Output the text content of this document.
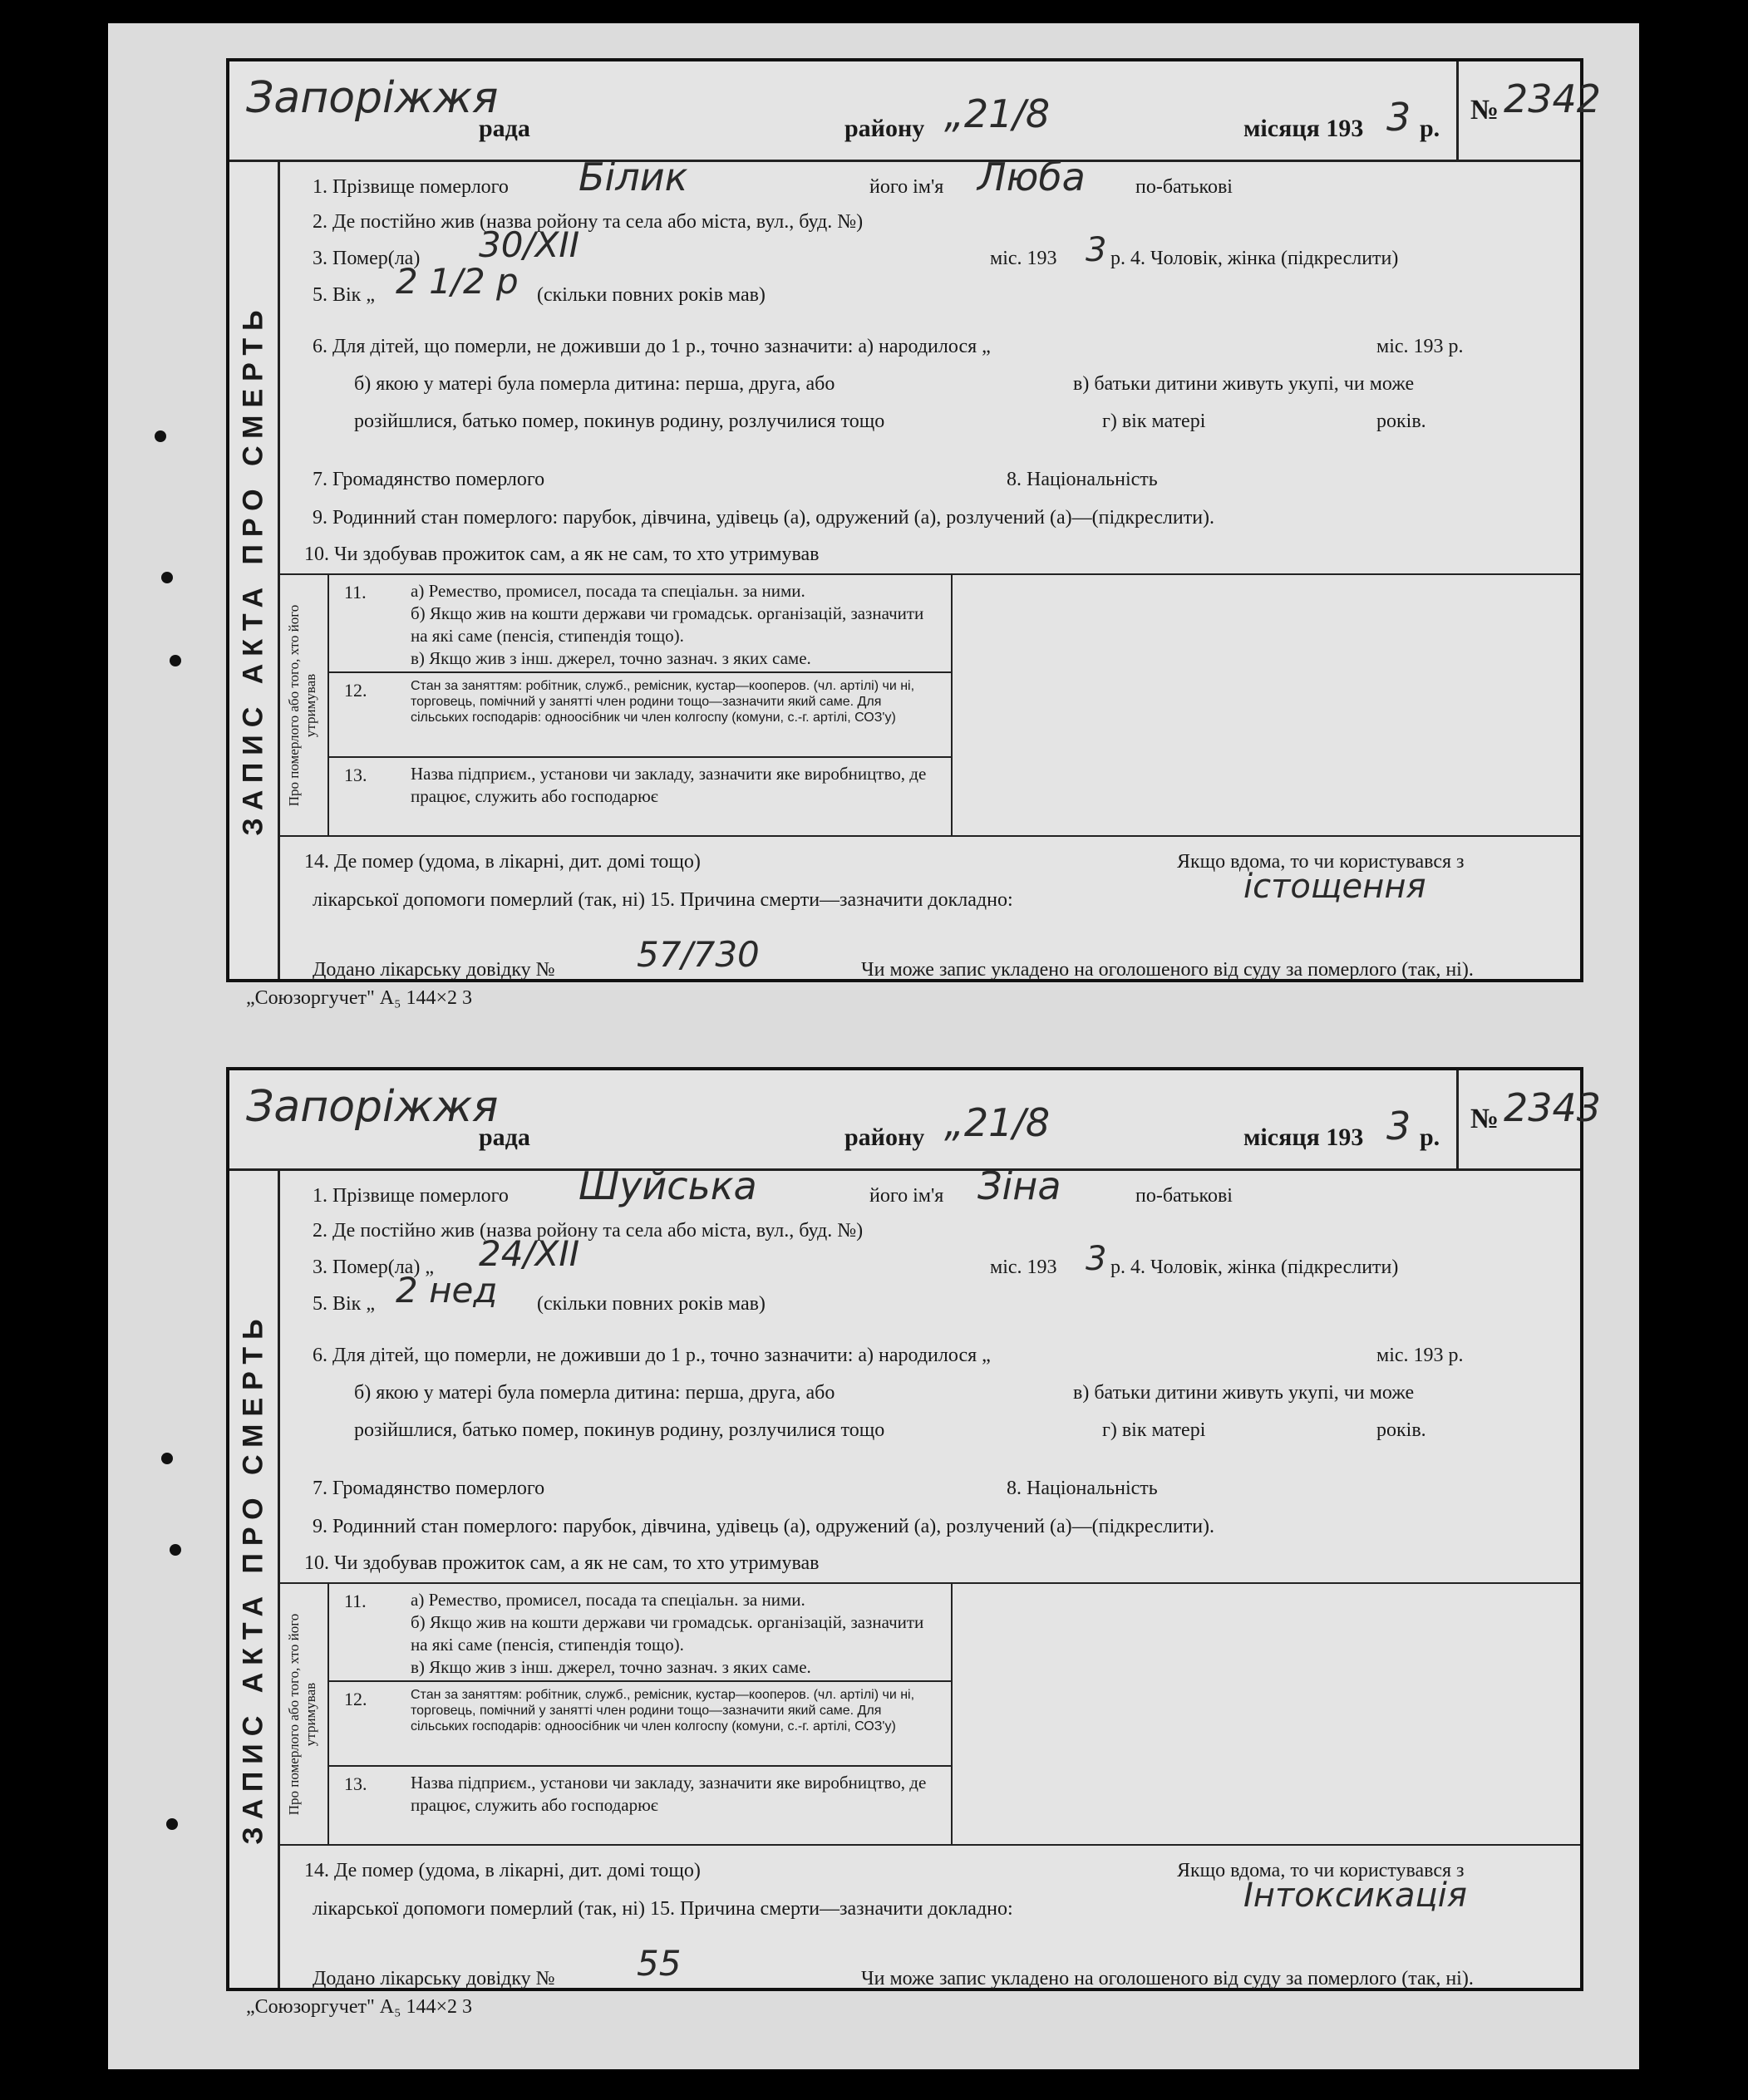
Запоріжжя
рада	району „21/8	місяця 193 3 р.
№ 2342
ЗАПИС АКТА ПРО СМЕРТЬ
1. Прізвище померлого Білик	його ім'я Люба	по-батькові
2. Де постійно жив (назва ройону та села або міста, вул., буд. №)
3. Помер(ла) 30/XII	міс. 193 3 р. 4. Чоловік, жінка (підкреслити)
5. Вік „ 2 1/2 р (скільки повних років мав)
6. Для дітей, що померли, не доживши до 1 р., точно зазначити: а) народилося „	міс. 193 р.
б) якою у матері була померла дитина: перша, друга, або	в) батьки дитини живуть укупі, чи може
розійшлися, батько помер, покинув родину, розлучилися тощо	г) вік матері	років.
7. Громадянство померлого	8. Національність
9. Родинний стан померлого: парубок, дівчина, удівець (а), одружений (а), розлучений (а)—(підкреслити).
10. Чи здобував прожиток сам, а як не сам, то хто утримував
Про померлого або того, хто його утримував
11.	а) Ремество, промисел, посада та спеціальн. за ними.
б) Якщо жив на кошти держави чи громадськ. організацій, зазначити на які саме (пенсія, стипендія тощо).
в) Якщо жив з інш. джерел, точно зазнач. з яких саме.
12.	Стан за заняттям: робітник, служб., ремісник, кустар—кооперов. (чл. артілі) чи ні, торговець, помічний у занятті член родини тощо—зазначити який саме. Для сільських господарів: одноосібник чи член колгоспу (комуни, с.-г. артілі, СОЗ'у)
13.	Назва підприєм., установи чи закладу, зазначити яке виробництво, де працює, служить або господарює
14. Де помер (удома, в лікарні, дит. домі тощо)	Якщо вдома, то чи користувався з
лікарської допомоги померлий (так, ні) 15. Причина смерти—зазначити докладно:	істощення
Додано лікарську довідку № 57/730	Чи може запис укладено на оголошеного від суду за померлого (так, ні).
„Союзоргучет" А₅ 144×2 3
Запоріжжя
рада	району „21/8	місяця 193 3 р.
№ 2343
ЗАПИС АКТА ПРО СМЕРТЬ
1. Прізвище померлого Шуйська	його ім'я Зіна	по-батькові
2. Де постійно жив (назва ройону та села або міста, вул., буд. №)
3. Помер(ла) „ 24/XII	міс. 193 3 р. 4. Чоловік, жінка (підкреслити)
5. Вік „ 2 нед (скільки повних років мав)
6. Для дітей, що померли, не доживши до 1 р., точно зазначити: а) народилося „	міс. 193 р.
б) якою у матері була померла дитина: перша, друга, або	в) батьки дитини живуть укупі, чи може
розійшлися, батько помер, покинув родину, розлучилися тощо	г) вік матері	років.
7. Громадянство померлого	8. Національність
9. Родинний стан померлого: парубок, дівчина, удівець (а), одружений (а), розлучений (а)—(підкреслити).
10. Чи здобував прожиток сам, а як не сам, то хто утримував
Про померлого або того, хто його утримував
11.	а) Ремество, промисел, посада та спеціальн. за ними.
б) Якщо жив на кошти держави чи громадськ. організацій, зазначити на які саме (пенсія, стипендія тощо).
в) Якщо жив з інш. джерел, точно зазнач. з яких саме.
12.	Стан за заняттям: робітник, служб., ремісник, кустар—кооперов. (чл. артілі) чи ні, торговець, помічний у занятті член родини тощо—зазначити який саме. Для сільських господарів: одноосібник чи член колгоспу (комуни, с.-г. артілі, СОЗ'у)
13.	Назва підприєм., установи чи закладу, зазначити яке виробництво, де працює, служить або господарює
14. Де помер (удома, в лікарні, дит. домі тощо)	Якщо вдома, то чи користувався з
лікарської допомоги померлий (так, ні) 15. Причина смерти—зазначити докладно:	Інтоксикація
Додано лікарську довідку № 55	Чи може запис укладено на оголошеного від суду за померлого (так, ні).
„Союзоргучет" А₅ 144×2 3
